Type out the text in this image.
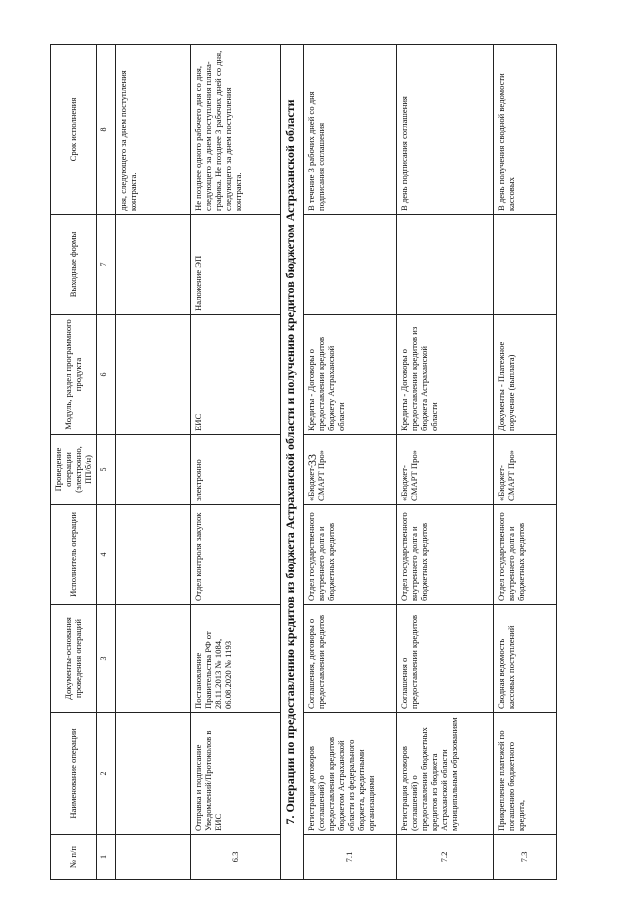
33
№ п/п	Наименование операции	Документы-основания проведения операций	Исполнитель операции	Проведение операции (электронно, ПП/б/н)	Модуль, раздел программного продукта	Выходные формы	Срок исполнения
1	2	3	4	5	6	7	8
							дня, следующего за днем поступления контракта.
6.3	Отправка и подписание Уведомлений/Протоколов в ЕИС	Постановление Правительства РФ от 28.11.2013 № 1084, 06.08.2020 № 1193	Отдел контроля закупок	электронно	ЕИС	Наложение ЭП	Не позднее одного рабочего дня со дня, следующего за днем поступления плана-графика. Не позднее 3 рабочих дней со дня, следующего за днем поступления контракта.
7. Операции по предоставлению кредитов из бюджета Астраханской области и получению кредитов бюджетом Астраханской области							
7.1	Регистрация договоров (соглашений) о предоставлении кредитов бюджетом Астраханской области из федерального бюджета, кредитными организациями	Соглашения, договоры о предоставлении кредитов	Отдел государственного внутреннего долга и бюджетных кредитов	«Бюджет-СМАРТ Про»	Кредиты - Договоры о предоставлении кредитов бюджету Астраханской области		В течение 3 рабочих дней со дня подписания соглашения
7.2	Регистрация договоров (соглашений) о предоставлении бюджетных кредитов из бюджета Астраханской области муниципальным образованиям	Соглашения о предоставлении кредитов	Отдел государственного внутреннего долга и бюджетных кредитов	«Бюджет-СМАРТ Про»	Кредиты - Договоры о предоставлении кредитов из бюджета Астраханской области		В день подписания соглашения
7.3	Прикрепление платежей по погашению бюджетного кредита,	Сводная ведомость кассовых поступлений	Отдел государственного внутреннего долга и бюджетных кредитов	«Бюджет-СМАРТ Про»	Документы - Платежное поручение (выплата)		В день получения сводной ведомости кассовых
